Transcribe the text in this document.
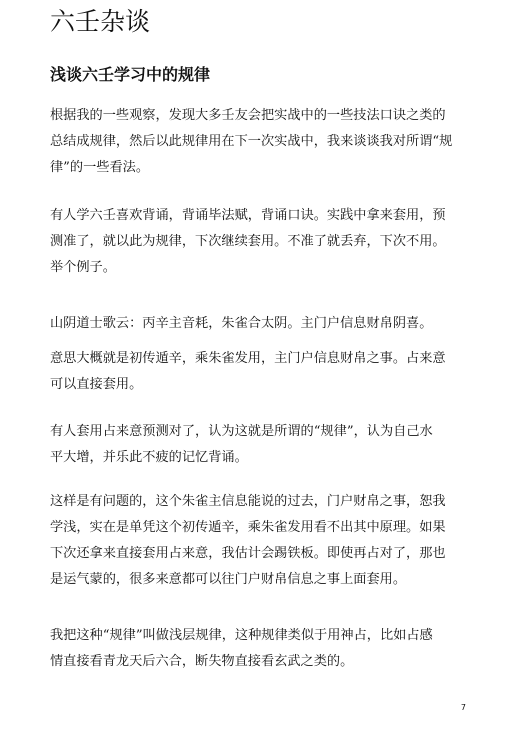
六壬杂谈
浅谈六壬学习中的规律

根据我的一些观察，发现大多壬友会把实战中的一些技法口诀之类的
总结成规律，然后以此规律用在下一次实战中，我来谈谈我对所谓“规
律”的一些看法。

有人学六壬喜欢背诵，背诵毕法赋，背诵口诀。实践中拿来套用，预
测准了，就以此为规律，下次继续套用。不准了就丢弃，下次不用。
举个例子。

山阴道士歌云：丙辛主音耗，朱雀合太阴。主门户信息财帛阴喜。

意思大概就是初传遁辛，乘朱雀发用，主门户信息财帛之事。占来意
可以直接套用。

有人套用占来意预测对了，认为这就是所谓的“规律”，认为自己水
平大增，并乐此不疲的记忆背诵。

这样是有问题的，这个朱雀主信息能说的过去，门户财帛之事，恕我
学浅，实在是单凭这个初传遁辛，乘朱雀发用看不出其中原理。如果
下次还拿来直接套用占来意，我估计会踢铁板。即使再占对了，那也
是运气蒙的，很多来意都可以往门户财帛信息之事上面套用。

我把这种“规律”叫做浅层规律，这种规律类似于用神占，比如占感
情直接看青龙天后六合，断失物直接看玄武之类的。

7
